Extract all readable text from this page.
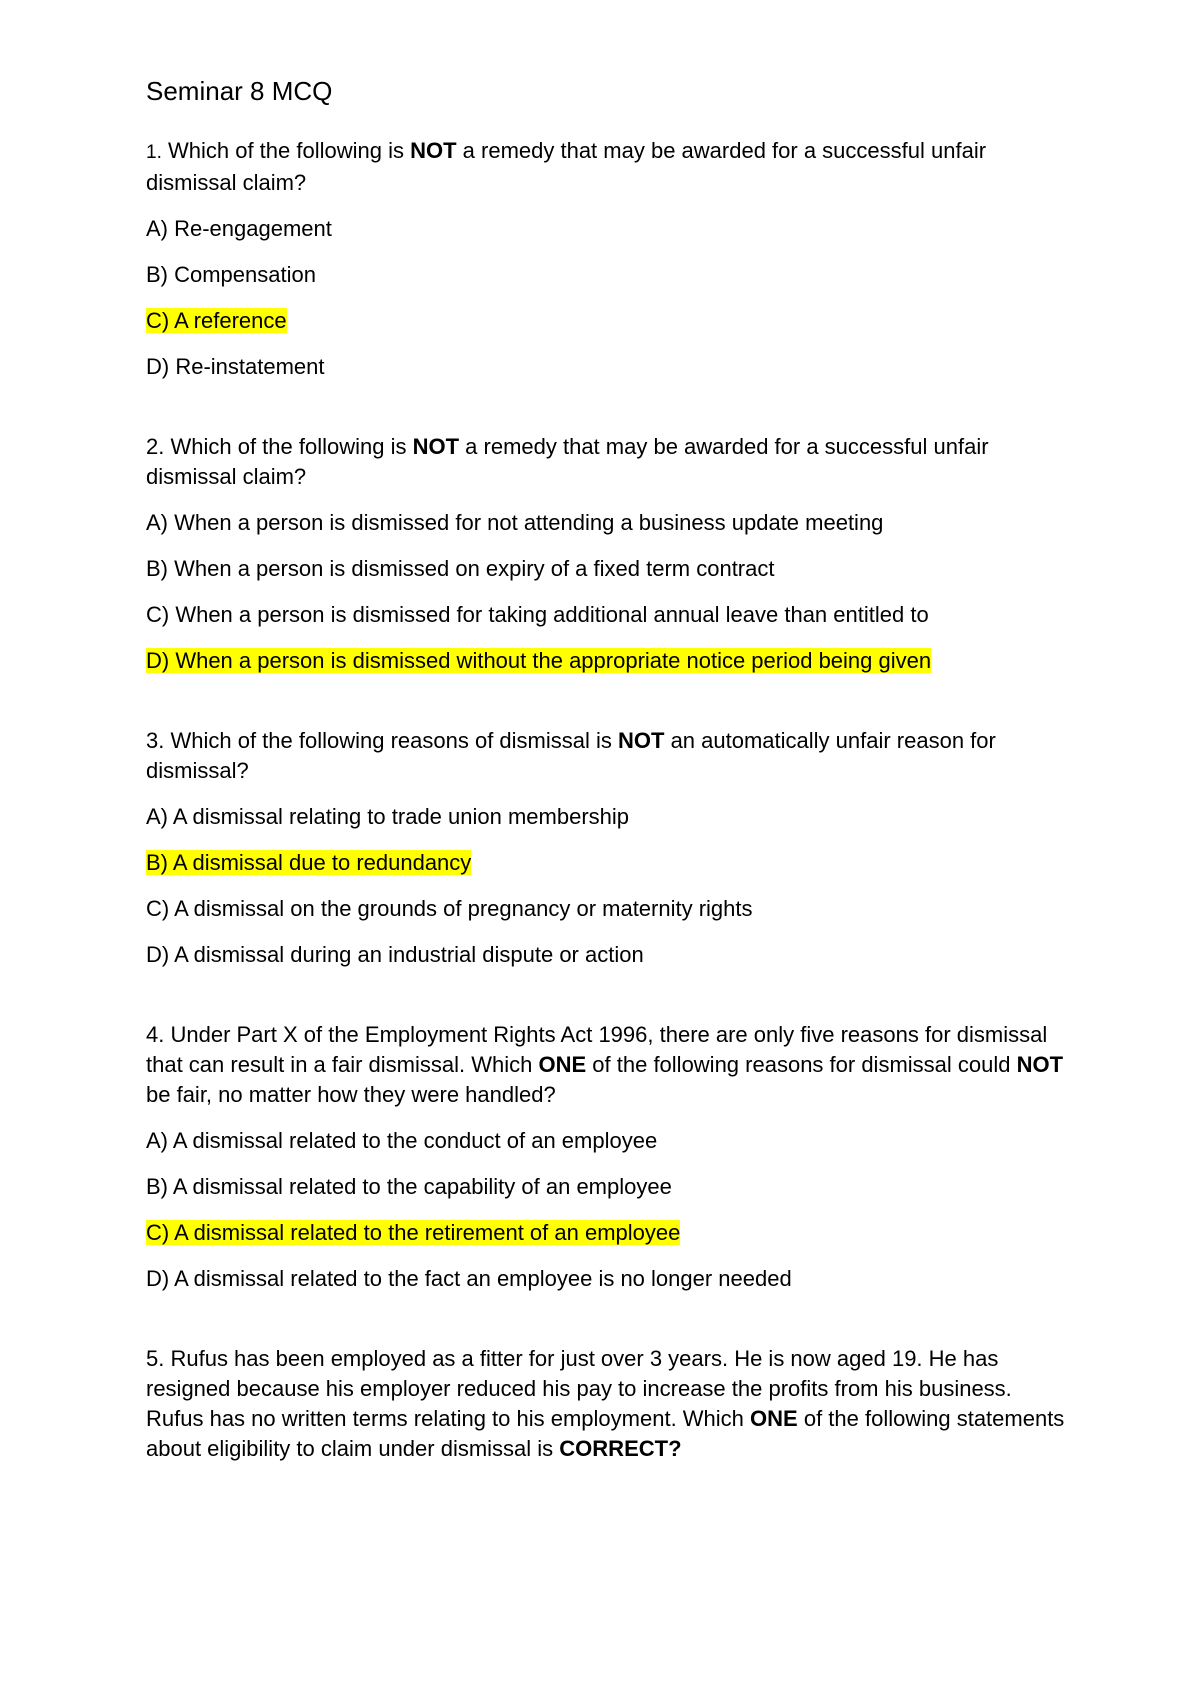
Seminar 8 MCQ

1. Which of the following is NOT a remedy that may be awarded for a successful unfair dismissal claim?

A) Re-engagement

B) Compensation

C) A reference

D) Re-instatement

2. Which of the following is NOT a remedy that may be awarded for a successful unfair dismissal claim?

A) When a person is dismissed for not attending a business update meeting

B) When a person is dismissed on expiry of a fixed term contract

C) When a person is dismissed for taking additional annual leave than entitled to

D) When a person is dismissed without the appropriate notice period being given

3. Which of the following reasons of dismissal is NOT an automatically unfair reason for dismissal?

A) A dismissal relating to trade union membership

B) A dismissal due to redundancy

C) A dismissal on the grounds of pregnancy or maternity rights

D) A dismissal during an industrial dispute or action

4. Under Part X of the Employment Rights Act 1996, there are only five reasons for dismissal that can result in a fair dismissal. Which ONE of the following reasons for dismissal could NOT be fair, no matter how they were handled?

A) A dismissal related to the conduct of an employee

B) A dismissal related to the capability of an employee

C) A dismissal related to the retirement of an employee

D) A dismissal related to the fact an employee is no longer needed

5. Rufus has been employed as a fitter for just over 3 years. He is now aged 19. He has resigned because his employer reduced his pay to increase the profits from his business. Rufus has no written terms relating to his employment. Which ONE of the following statements about eligibility to claim under dismissal is CORRECT?
